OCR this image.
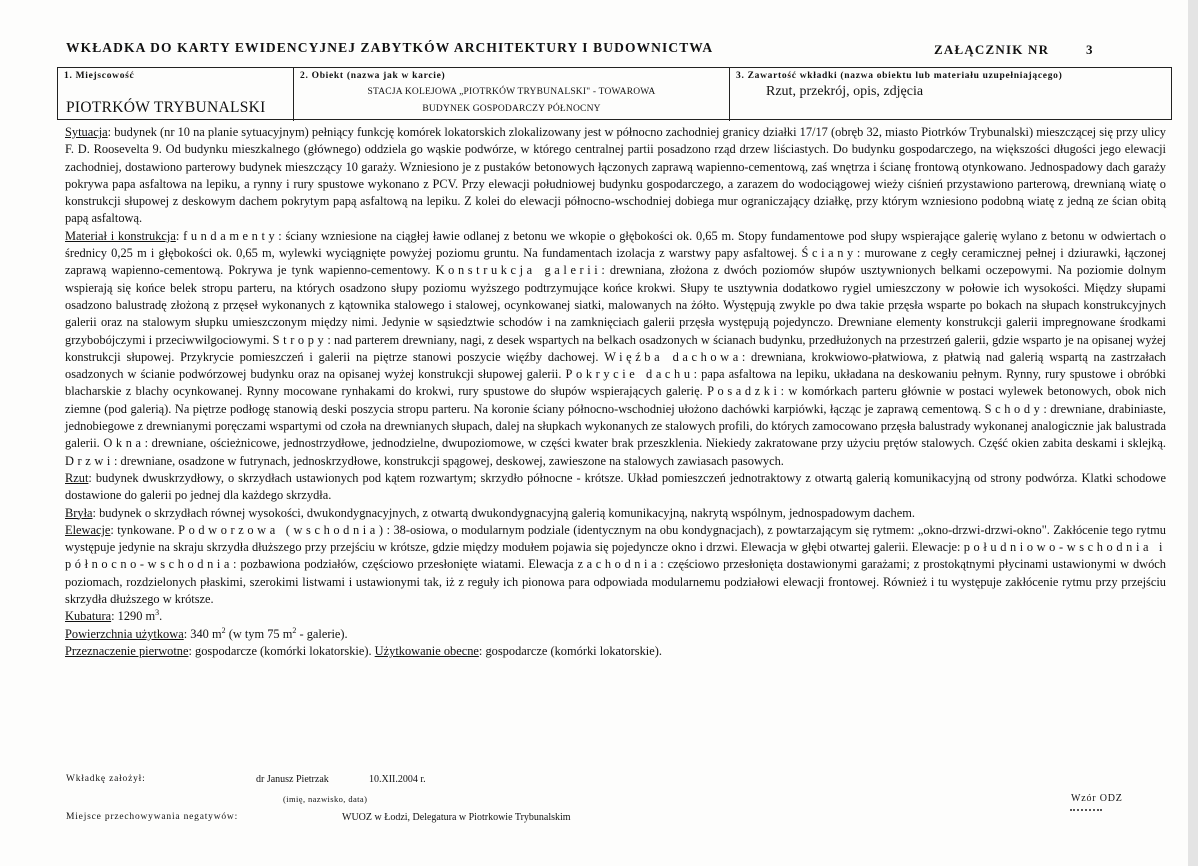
WKŁADKA DO KARTY EWIDENCYJNEJ ZABYTKÓW ARCHITEKTURY I BUDOWNICTWA	ZAŁĄCZNIK NR	3
1. Miejscowość
PIOTRKÓW TRYBUNALSKI
2. Obiekt (nazwa jak w karcie)
STACJA KOLEJOWA „PIOTRKÓW TRYBUNALSKI" - TOWAROWA
BUDYNEK GOSPODARCZY PÓŁNOCNY
3. Zawartość wkładki (nazwa obiektu lub materiału uzupełniającego)
Rzut, przekrój, opis, zdjęcia

Sytuacja: budynek (nr 10 na planie sytuacyjnym) pełniący funkcję komórek lokatorskich zlokalizowany jest w północno zachodniej granicy działki 17/17 (obręb 32, miasto Piotrków Trybunalski) mieszczącej się przy ulicy F. D. Roosevelta 9. Od budynku mieszkalnego (głównego) oddziela go wąskie podwórze, w którego centralnej partii posadzono rząd drzew liściastych. Do budynku gospodarczego, na większości długości jego elewacji zachodniej, dostawiono parterowy budynek mieszczący 10 garaży. Wzniesiono je z pustaków betonowych łączonych zaprawą wapienno-cementową, zaś wnętrza i ścianę frontową otynkowano. Jednospadowy dach garaży pokrywa papa asfaltowa na lepiku, a rynny i rury spustowe wykonano z PCV. Przy elewacji południowej budynku gospodarczego, a zarazem do wodociągowej wieży ciśnień przystawiono parterową, drewnianą wiatę o konstrukcji słupowej z deskowym dachem pokrytym papą asfaltową na lepiku. Z kolei do elewacji północno-wschodniej dobiega mur ograniczający działkę, przy którym wzniesiono podobną wiatę z jedną ze ścian obitą papą asfaltową.

Materiał i konstrukcja: fundamenty: ściany wzniesione na ciągłej ławie odlanej z betonu we wkopie o głębokości ok. 0,65 m. Stopy fundamentowe pod słupy wspierające galerię wylano z betonu w odwiertach o średnicy 0,25 m i głębokości ok. 0,65 m, wylewki wyciągnięte powyżej poziomu gruntu. Na fundamentach izolacja z warstwy papy asfaltowej. Ściany: murowane z cegły ceramicznej pełnej i dziurawki, łączonej zaprawą wapienno-cementową. Pokrywa je tynk wapienno-cementowy. Konstrukcja galerii: drewniana, złożona z dwóch poziomów słupów usztywnionych belkami oczepowymi. Na poziomie dolnym wspierają się końce belek stropu parteru, na których osadzono słupy poziomu wyższego podtrzymujące końce krokwi. Słupy te usztywnia dodatkowo rygiel umieszczony w połowie ich wysokości. Między słupami osadzono balustradę złożoną z przęseł wykonanych z kątownika stalowego i stalowej, ocynkowanej siatki, malowanych na żółto. Występują zwykle po dwa takie przęsła wsparte po bokach na słupach konstrukcyjnych galerii oraz na stalowym słupku umieszczonym między nimi. Jedynie w sąsiedztwie schodów i na zamknięciach galerii przęsła występują pojedynczo. Drewniane elementy konstrukcji galerii impregnowane środkami grzybobójczymi i przeciwwilgociowymi. Stropy: nad parterem drewniany, nagi, z desek wspartych na belkach osadzonych w ścianach budynku, przedłużonych na przestrzeń galerii, gdzie wsparto je na opisanej wyżej konstrukcji słupowej. Przykrycie pomieszczeń i galerii na piętrze stanowi poszycie więźby dachowej. Więźba dachowa: drewniana, krokwiowo-płatwiowa, z płatwią nad galerią wspartą na zastrzałach osadzonych w ścianie podwórzowej budynku oraz na opisanej wyżej konstrukcji słupowej galerii. Pokrycie dachu: papa asfaltowa na lepiku, układana na deskowaniu pełnym. Rynny, rury spustowe i obróbki blacharskie z blachy ocynkowanej. Rynny mocowane rynhakami do krokwi, rury spustowe do słupów wspierających galerię. Posadzki: w komórkach parteru głównie w postaci wylewek betonowych, obok nich ziemne (pod galerią). Na piętrze podłogę stanowią deski poszycia stropu parteru. Na koronie ściany północno-wschodniej ułożono dachówki karpiówki, łącząc je zaprawą cementową. Schody: drewniane, drabiniaste, jednobiegowe z drewnianymi poręczami wspartymi od czoła na drewnianych słupach, dalej na słupkach wykonanych ze stalowych profili, do których zamocowano przęsła balustrady wykonanej analogicznie jak balustrada galerii. Okna: drewniane, ościeżnicowe, jednostrzydłowe, jednodzielne, dwupoziomowe, w części kwater brak przeszklenia. Niekiedy zakratowane przy użyciu prętów stalowych. Część okien zabita deskami i sklejką. Drzwi: drewniane, osadzone w futrynach, jednoskrzydłowe, konstrukcji spągowej, deskowej, zawieszone na stalowych zawiasach pasowych.

Rzut: budynek dwuskrzydłowy, o skrzydłach ustawionych pod kątem rozwartym; skrzydło północne - krótsze. Układ pomieszczeń jednotraktowy z otwartą galerią komunikacyjną od strony podwórza. Klatki schodowe dostawione do galerii po jednej dla każdego skrzydła.

Bryła: budynek o skrzydłach równej wysokości, dwukondygnacyjnych, z otwartą dwukondygnacyjną galerią komunikacyjną, nakrytą wspólnym, jednospadowym dachem.

Elewacje: tynkowane. Podworzowa (wschodnia): 38-osiowa, o modularnym podziale (identycznym na obu kondygnacjach), z powtarzającym się rytmem: „okno-drzwi-drzwi-okno". Zakłócenie tego rytmu występuje jedynie na skraju skrzydła dłuższego przy przejściu w krótsze, gdzie między modułem pojawia się pojedyncze okno i drzwi. Elewacja w głębi otwartej galerii. Elewacje: południowo-wschodnia i północno-wschodnia: pozbawiona podziałów, częściowo przesłonięte wiatami. Elewacja zachodnia: częściowo przesłonięta dostawionymi garażami; z prostokątnymi płycinami ustawionymi w dwóch poziomach, rozdzielonych płaskimi, szerokimi listwami i ustawionymi tak, iż z reguły ich pionowa para odpowiada modularnemu podziałowi elewacji frontowej. Również i tu występuje zakłócenie rytmu przy przejściu skrzydła dłuższego w krótsze.

Kubatura: 1290 $m^3$.

Powierzchnia użytkowa: 340 $m^2$ (w tym 75 $m^2$ - galerie).

Przeznaczenie pierwotne: gospodarcze (komórki lokatorskie). Użytkowanie obecne: gospodarcze (komórki lokatorskie).

Wkładkę założył:	dr Janusz Pietrzak	10.XII.2004 r.
(imię, nazwisko, data)
Miejsce przechowywania negatywów:	WUOZ w Łodzi, Delegatura w Piotrkowie Trybunalskim
Wzór ODZ
